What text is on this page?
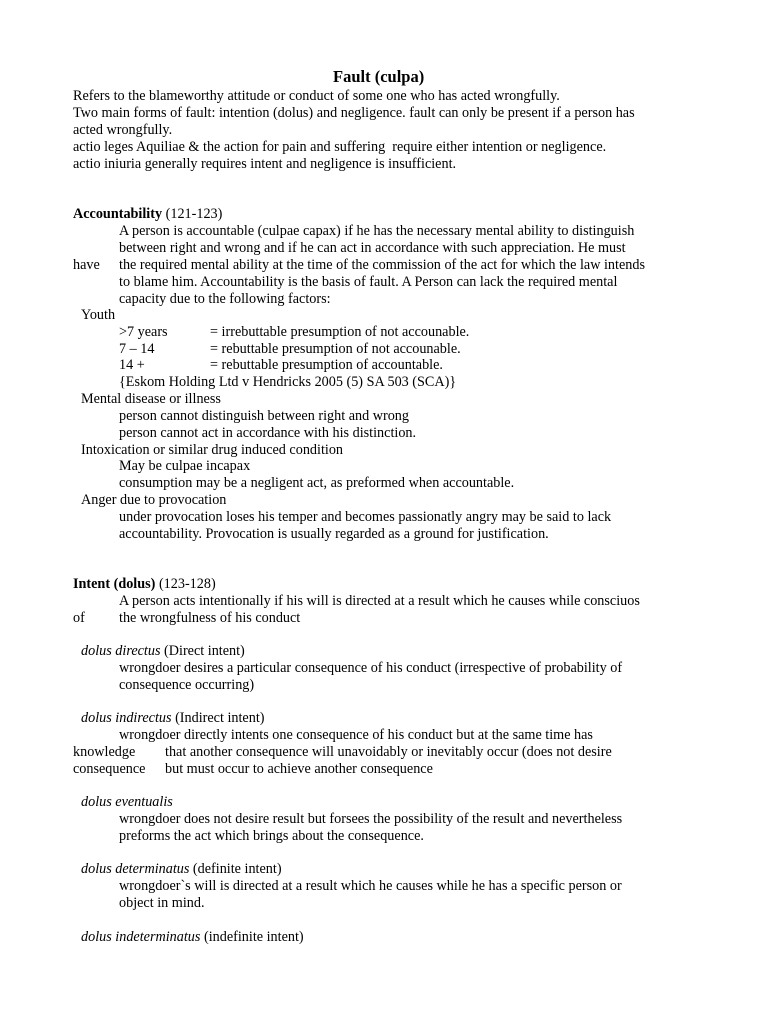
Fault (culpa)
Refers to the blameworthy attitude or conduct of some one who has acted wrongfully.
Two main forms of fault: intention (dolus) and negligence. fault can only be present if a person has
acted wrongfully.
actio leges Aquiliae & the action for pain and suffering  require either intention or negligence.
actio iniuria generally requires intent and negligence is insufficient.
Accountability (121-123)
A person is accountable (culpae capax) if he has the necessary mental ability to distinguish
between right and wrong and if he can act in accordance with such appreciation. He must
have the required mental ability at the time of the commission of the act for which the law intends
to blame him. Accountability is the basis of fault. A Person can lack the required mental
capacity due to the following factors:
Youth
>7 years	= irrebuttable presumption of not accounable.
7 – 14	= rebuttable presumption of not accounable.
14 +	= rebuttable presumption of accountable.
{Eskom Holding Ltd v Hendricks 2005 (5) SA 503 (SCA)}
Mental disease or illness
person cannot distinguish between right and wrong
person cannot act in accordance with his distinction.
Intoxication or similar drug induced condition
May be culpae incapax
consumption may be a negligent act, as preformed when accountable.
Anger due to provocation
under provocation loses his temper and becomes passionatly angry may be said to lack
accountability. Provocation is usually regarded as a ground for justification.
Intent (dolus) (123-128)
A person acts intentionally if his will is directed at a result which he causes while consciuos
of the wrongfulness of his conduct
dolus directus (Direct intent)
wrongdoer desires a particular consequence of his conduct (irrespective of probability of
consequence occurring)
dolus indirectus (Indirect intent)
wrongdoer directly intents one consequence of his conduct but at the same time has
knowledge that another consequence will unavoidably or inevitably occur (does not desire
consequence but must occur to achieve another consequence
dolus eventualis
wrongdoer does not desire result but forsees the possibility of the result and nevertheless
preforms the act which brings about the consequence.
dolus determinatus (definite intent)
wrongdoer`s will is directed at a result which he causes while he has a specific person or
object in mind.
dolus indeterminatus (indefinite intent)
